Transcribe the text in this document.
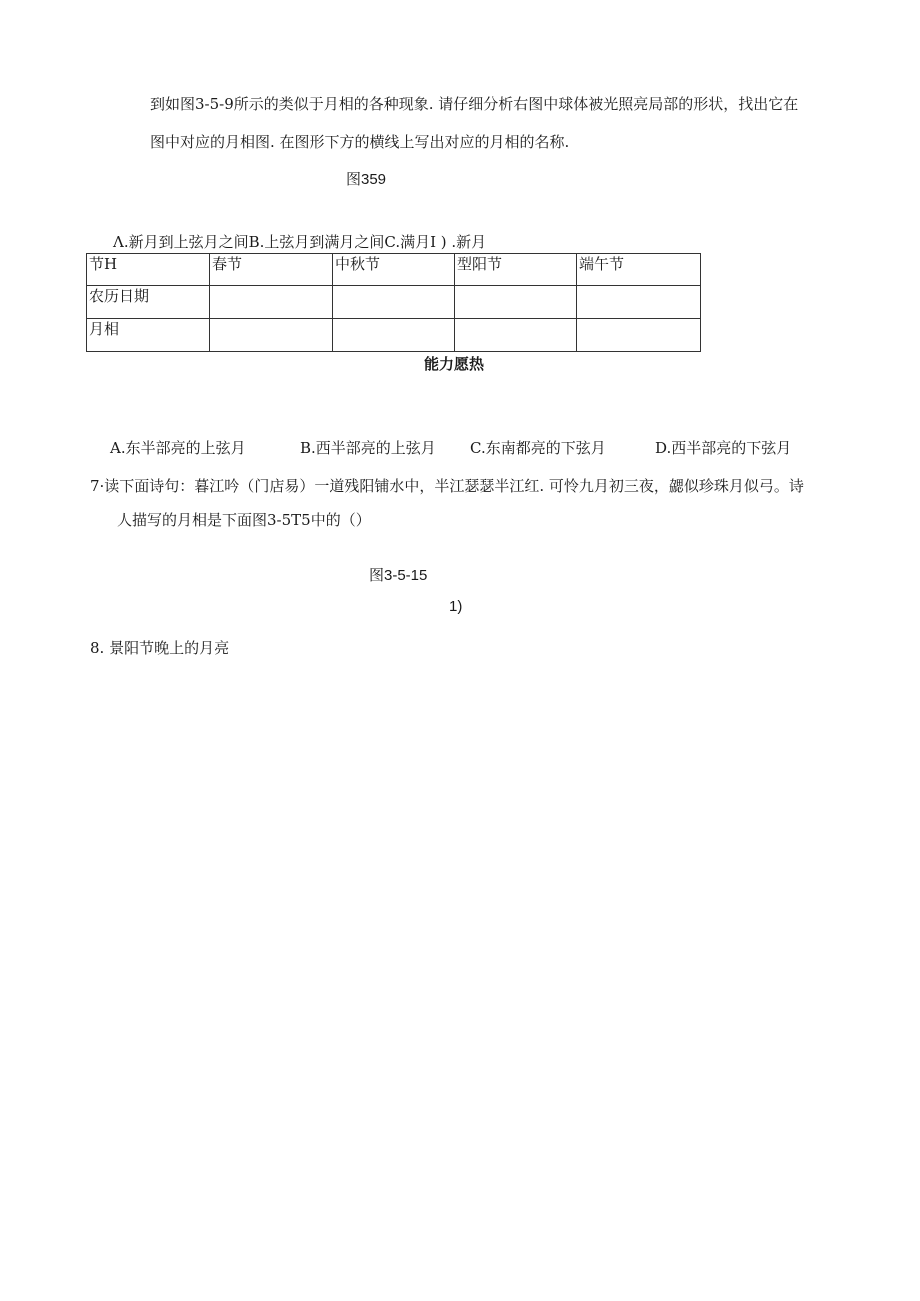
到如图3-5-9所示的类似于月相的各种现象. 请仔细分析右图中球体被光照亮局部的形状，找出它在
图中对应的月相图. 在图形下方的横线上写出对应的月相的名称.
图359
Λ.新月到上弦月之间B.上弦月到满月之间C.满月I ) .新月
节H	春节	中秋节	型阳节	端午节
农历日期				
月相				
能力愿热
A.东半部亮的上弦月	B.西半部亮的上弦月 C.东南都亮的下弦月	D.西半部亮的下弦月
7·读下面诗句：暮江吟（门店易）一道残阳铺水中，半江瑟瑟半江红. 可怜九月初三夜，勰似珍珠月似弓。诗
人描写的月相是下面图3-5T5中的（）
图3-5-15
1)
8. 景阳节晚上的月亮
